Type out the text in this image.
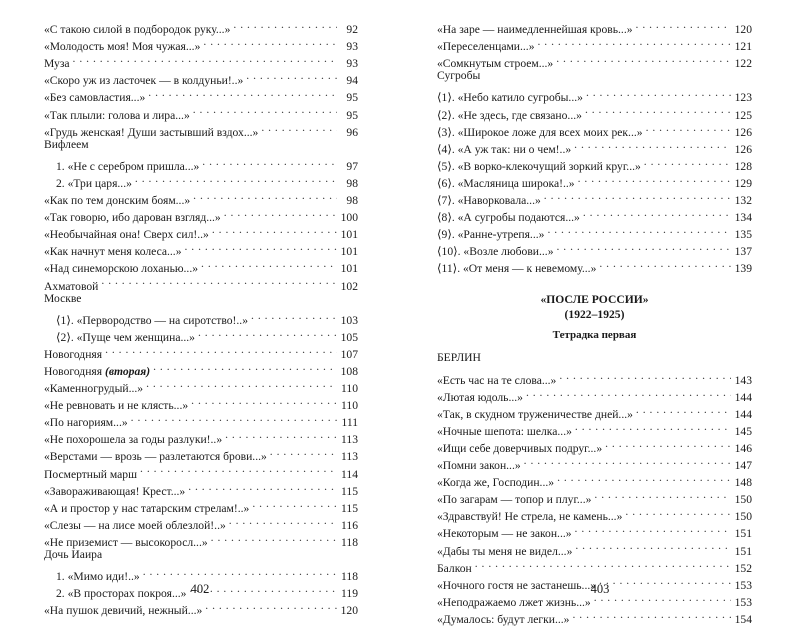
«С такою силой в подбородок руку...» . . .	92
«Молодость моя! Моя чужая...» . . .	93
Муза . . .	93
«Скоро уж из ласточек — в колдуньи!..» . . .	94
«Без самовластия...» . . .	95
«Так плыли: голова и лира...» . . .	95
«Грудь женская! Души застывший вздох...» . . .	96
Вифлеем
1. «Не с серебром пришла...» . . .	97
2. «Три царя...» . . .	98
«Как по тем донским боям...» . . .	98
«Так говорю, ибо дарован взгляд...» . . .	100
«Необычайная она! Сверх сил!..» . . .	101
«Как начнут меня колеса...» . . .	101
«Над синеморскою лоханью...» . . .	101
Ахматовой . . .	102
Москве
⟨1⟩. «Первородство — на сиротство!..» . . .	103
⟨2⟩. «Пуще чем женщина...» . . .	105
Новогодняя . . .	107
Новогодняя (вторая) . . .	108
«Каменногрудый...» . . .	110
«Не ревновать и не клясть...» . . .	110
«По нагориям...» . . .	111
«Не похорошела за годы разлуки!..» . . .	113
«Верстами — врозь — разлетаются брови...» . . .	113
Посмертный марш . . .	114
«Завораживающая! Крест...» . . .	115
«А и простор у нас татарским стрелам!..» . . .	115
«Слезы — на лисе моей облезлой!..» . . .	116
«Не приземист — высокоросл...» . . .	118
Дочь Иаира
1. «Мимо иди!..» . . .	118
2. «В просторах покроя...» . . .	119
«На пушок девичий, нежный...» . . .	120
402
«На заре — наимедленнейшая кровь...» . . .	120
«Переселенцами...» . . .	121
«Сомкнутым строем...» . . .	122
Сугробы
⟨1⟩. «Небо катило сугробы...» . . .	123
⟨2⟩. «Не здесь, где связано...» . . .	125
⟨3⟩. «Широкое ложе для всех моих рек...» . . .	126
⟨4⟩. «А уж так: ни о чем!..» . . .	126
⟨5⟩. «В ворко-клекочущий зоркий круг...» . . .	128
⟨6⟩. «Масляница широка!..» . . .	129
⟨7⟩. «Наворковала...» . . .	132
⟨8⟩. «А сугробы подаются...» . . .	134
⟨9⟩. «Ранне-утрепя...» . . .	135
⟨10⟩. «Возле любови...» . . .	137
⟨11⟩. «От меня — к невемому...» . . .	139
«ПОСЛЕ РОССИИ»
(1922–1925)
Тетрадка первая
БЕРЛИН
«Есть час на те слова...» . . .	143
«Лютая юдоль...» . . .	144
«Так, в скудном труженичестве дней...» . . .	144
«Ночные шепота: шелка...» . . .	145
«Ищи себе доверчивых подруг...» . . .	146
«Помни закон...» . . .	147
«Когда же, Господин...» . . .	148
«По загарам — топор и плуг...» . . .	150
«Здравствуй! Не стрела, не камень...» . . .	150
«Некоторым — не закон...» . . .	151
«Дабы ты меня не видел...» . . .	151
Балкон . . .	152
«Ночного гостя не застанешь...» . . .	153
«Неподражаемо лжет жизнь...» . . .	153
«Думалось: будут легки...» . . .	154
403
